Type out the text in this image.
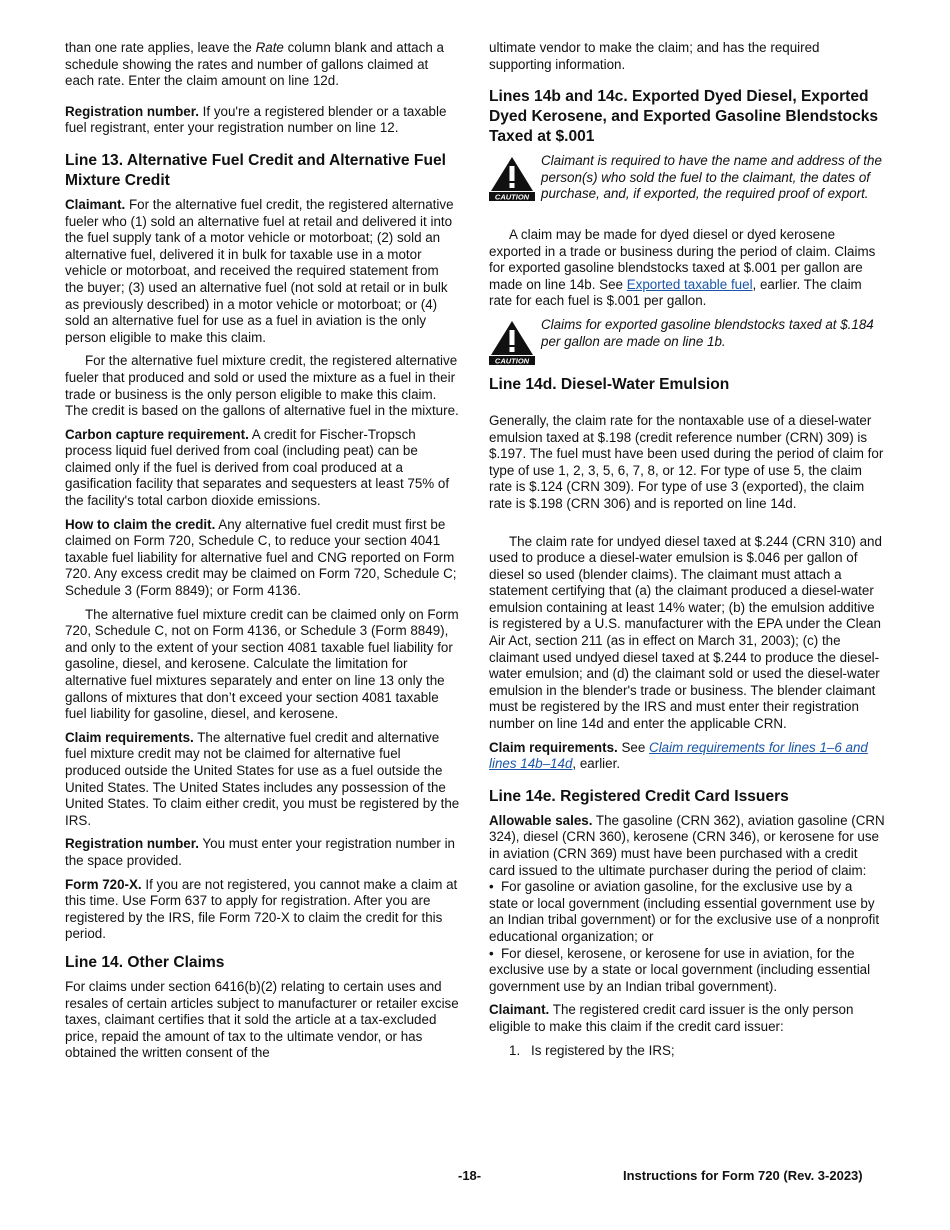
than one rate applies, leave the Rate column blank and attach a schedule showing the rates and number of gallons claimed at each rate. Enter the claim amount on line 12d.

Registration number. If you're a registered blender or a taxable fuel registrant, enter your registration number on line 12.

Line 13. Alternative Fuel Credit and Alternative Fuel Mixture Credit

Claimant. For the alternative fuel credit, the registered alternative fueler who (1) sold an alternative fuel at retail and delivered it into the fuel supply tank of a motor vehicle or motorboat; (2) sold an alternative fuel, delivered it in bulk for taxable use in a motor vehicle or motorboat, and received the required statement from the buyer; (3) used an alternative fuel (not sold at retail or in bulk as previously described) in a motor vehicle or motorboat; or (4) sold an alternative fuel for use as a fuel in aviation is the only person eligible to make this claim.

For the alternative fuel mixture credit, the registered alternative fueler that produced and sold or used the mixture as a fuel in their trade or business is the only person eligible to make this claim. The credit is based on the gallons of alternative fuel in the mixture.

Carbon capture requirement. A credit for Fischer-Tropsch process liquid fuel derived from coal (including peat) can be claimed only if the fuel is derived from coal produced at a gasification facility that separates and sequesters at least 75% of the facility's total carbon dioxide emissions.

How to claim the credit. Any alternative fuel credit must first be claimed on Form 720, Schedule C, to reduce your section 4041 taxable fuel liability for alternative fuel and CNG reported on Form 720. Any excess credit may be claimed on Form 720, Schedule C; Schedule 3 (Form 8849); or Form 4136.

The alternative fuel mixture credit can be claimed only on Form 720, Schedule C, not on Form 4136, or Schedule 3 (Form 8849), and only to the extent of your section 4081 taxable fuel liability for gasoline, diesel, and kerosene. Calculate the limitation for alternative fuel mixtures separately and enter on line 13 only the gallons of mixtures that don’t exceed your section 4081 taxable fuel liability for gasoline, diesel, and kerosene.

Claim requirements. The alternative fuel credit and alternative fuel mixture credit may not be claimed for alternative fuel produced outside the United States for use as a fuel outside the United States. The United States includes any possession of the United States. To claim either credit, you must be registered by the IRS.

Registration number. You must enter your registration number in the space provided.

Form 720-X. If you are not registered, you cannot make a claim at this time. Use Form 637 to apply for registration. After you are registered by the IRS, file Form 720-X to claim the credit for this period.

Line 14. Other Claims

For claims under section 6416(b)(2) relating to certain uses and resales of certain articles subject to manufacturer or retailer excise taxes, claimant certifies that it sold the article at a tax-excluded price, repaid the amount of tax to the ultimate vendor, or has obtained the written consent of the

ultimate vendor to make the claim; and has the required supporting information.

Lines 14b and 14c. Exported Dyed Diesel, Exported Dyed Kerosene, and Exported Gasoline Blendstocks Taxed at $.001
CAUTION
Claimant is required to have the name and address of the person(s) who sold the fuel to the claimant, the dates of purchase, and, if exported, the required proof of export.

A claim may be made for dyed diesel or dyed kerosene exported in a trade or business during the period of claim. Claims for exported gasoline blendstocks taxed at $.001 per gallon are made on line 14b. See Exported taxable fuel, earlier. The claim rate for each fuel is $.001 per gallon.

CAUTION
Claims for exported gasoline blendstocks taxed at $.184 per gallon are made on line 1b.
Line 14d. Diesel-Water Emulsion

Generally, the claim rate for the nontaxable use of a diesel-water emulsion taxed at $.198 (credit reference number (CRN) 309) is $.197. The fuel must have been used during the period of claim for type of use 1, 2, 3, 5, 6, 7, 8, or 12. For type of use 5, the claim rate is $.124 (CRN 309). For type of use 3 (exported), the claim rate is $.198 (CRN 306) and is reported on line 14d.

The claim rate for undyed diesel taxed at $.244 (CRN 310) and used to produce a diesel-water emulsion is $.046 per gallon of diesel so used (blender claims). The claimant must attach a statement certifying that (a) the claimant produced a diesel-water emulsion containing at least 14% water; (b) the emulsion additive is registered by a U.S. manufacturer with the EPA under the Clean Air Act, section 211 (as in effect on March 31, 2003); (c) the claimant used undyed diesel taxed at $.244 to produce the diesel-water emulsion; and (d) the claimant sold or used the diesel-water emulsion in the blender's trade or business. The blender claimant must be registered by the IRS and must enter their registration number on line 14d and enter the applicable CRN.

Claim requirements. See Claim requirements for lines 1–6 and lines 14b–14d, earlier.

Line 14e. Registered Credit Card Issuers

Allowable sales. The gasoline (CRN 362), aviation gasoline (CRN 324), diesel (CRN 360), kerosene (CRN 346), or kerosene for use in aviation (CRN 369) must have been purchased with a credit card issued to the ultimate purchaser during the period of claim:

• For gasoline or aviation gasoline, for the exclusive use by a state or local government (including essential government use by an Indian tribal government) or for the exclusive use of a nonprofit educational organization; or

• For diesel, kerosene, or kerosene for use in aviation, for the exclusive use by a state or local government (including essential government use by an Indian tribal government).

Claimant. The registered credit card issuer is the only person eligible to make this claim if the credit card issuer:

1. Is registered by the IRS;

-18-	Instructions for Form 720 (Rev. 3-2023)
